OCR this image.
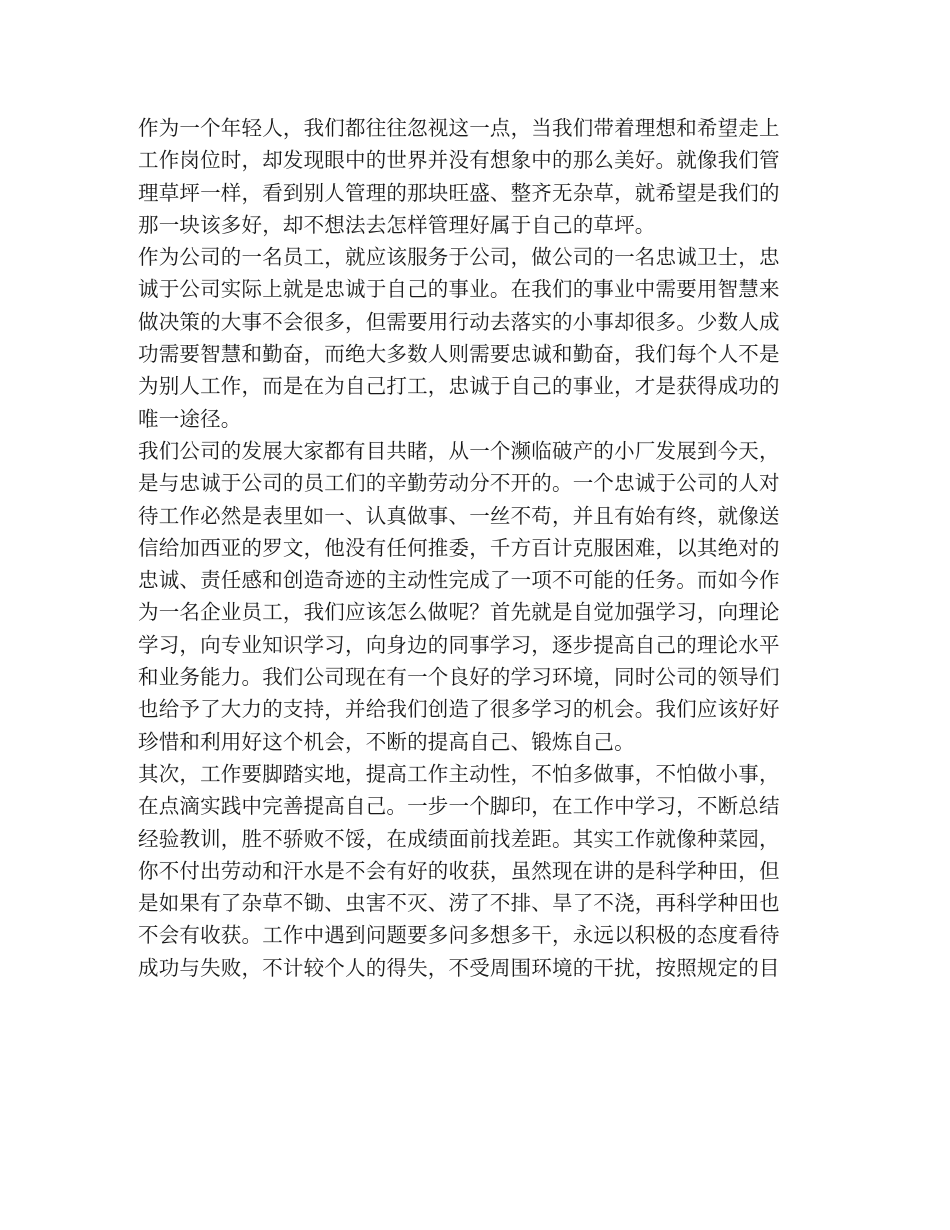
作为一个年轻人，我们都往往忽视这一点，当我们带着理想和希望走上
工作岗位时，却发现眼中的世界并没有想象中的那么美好。就像我们管
理草坪一样，看到别人管理的那块旺盛、整齐无杂草，就希望是我们的
那一块该多好，却不想法去怎样管理好属于自己的草坪。
作为公司的一名员工，就应该服务于公司，做公司的一名忠诚卫士，忠
诚于公司实际上就是忠诚于自己的事业。在我们的事业中需要用智慧来
做决策的大事不会很多，但需要用行动去落实的小事却很多。少数人成
功需要智慧和勤奋，而绝大多数人则需要忠诚和勤奋，我们每个人不是
为别人工作，而是在为自己打工，忠诚于自己的事业，才是获得成功的
唯一途径。
我们公司的发展大家都有目共睹，从一个濒临破产的小厂发展到今天，
是与忠诚于公司的员工们的辛勤劳动分不开的。一个忠诚于公司的人对
待工作必然是表里如一、认真做事、一丝不苟，并且有始有终，就像送
信给加西亚的罗文，他没有任何推委，千方百计克服困难，以其绝对的
忠诚、责任感和创造奇迹的主动性完成了一项不可能的任务。而如今作
为一名企业员工，我们应该怎么做呢？首先就是自觉加强学习，向理论
学习，向专业知识学习，向身边的同事学习，逐步提高自己的理论水平
和业务能力。我们公司现在有一个良好的学习环境，同时公司的领导们
也给予了大力的支持，并给我们创造了很多学习的机会。我们应该好好
珍惜和利用好这个机会，不断的提高自己、锻炼自己。
其次，工作要脚踏实地，提高工作主动性，不怕多做事，不怕做小事，
在点滴实践中完善提高自己。一步一个脚印，在工作中学习，不断总结
经验教训，胜不骄败不馁，在成绩面前找差距。其实工作就像种菜园，
你不付出劳动和汗水是不会有好的收获，虽然现在讲的是科学种田，但
是如果有了杂草不锄、虫害不灭、涝了不排、旱了不浇，再科学种田也
不会有收获。工作中遇到问题要多问多想多干，永远以积极的态度看待
成功与失败，不计较个人的得失，不受周围环境的干扰，按照规定的目
